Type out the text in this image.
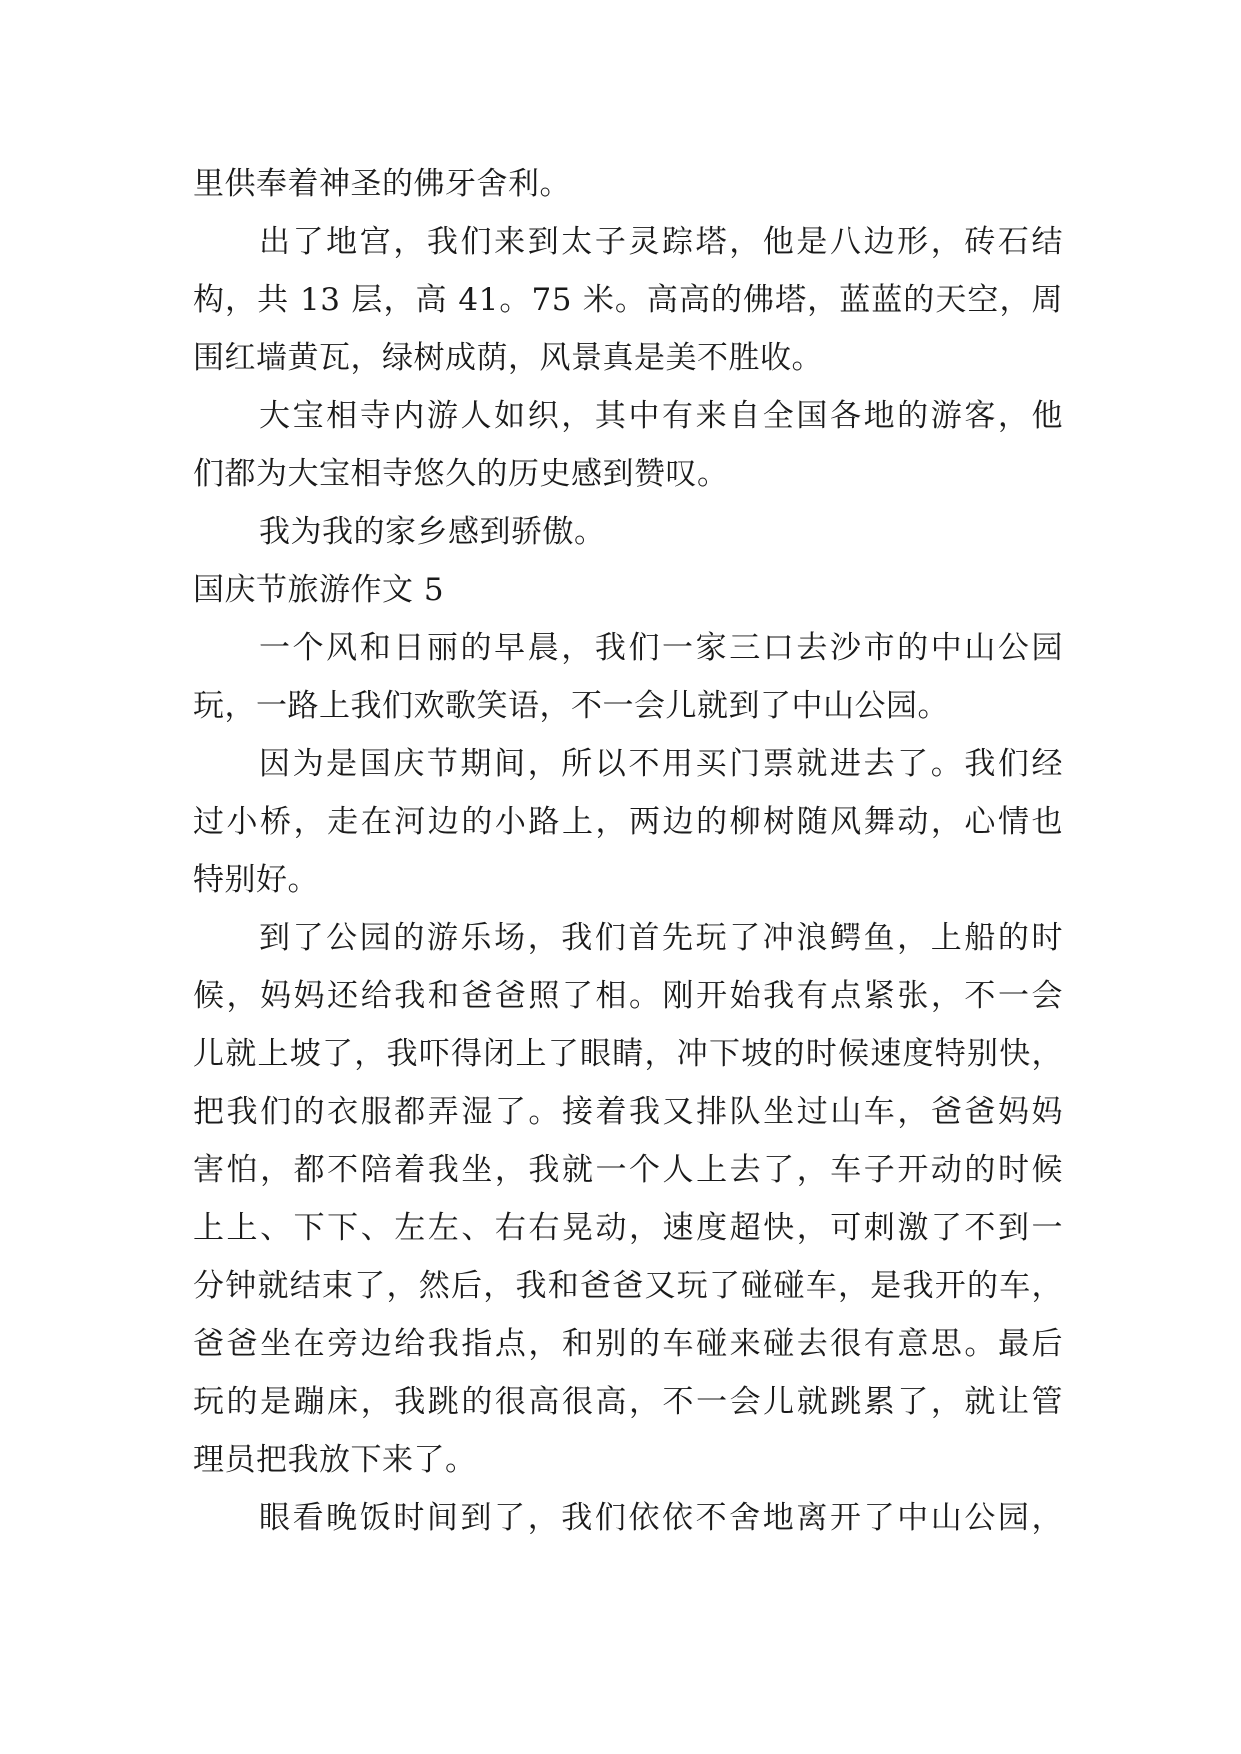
里供奉着神圣的佛牙舍利。
出了地宫，我们来到太子灵踪塔，他是八边形，砖石结
构，共 13 层，高 41。75 米。高高的佛塔，蓝蓝的天空，周
围红墙黄瓦，绿树成荫，风景真是美不胜收。
大宝相寺内游人如织，其中有来自全国各地的游客，他
们都为大宝相寺悠久的历史感到赞叹。
我为我的家乡感到骄傲。
国庆节旅游作文 5
一个风和日丽的早晨，我们一家三口去沙市的中山公园
玩，一路上我们欢歌笑语，不一会儿就到了中山公园。
因为是国庆节期间，所以不用买门票就进去了。我们经
过小桥，走在河边的小路上，两边的柳树随风舞动，心情也
特别好。
到了公园的游乐场，我们首先玩了冲浪鳄鱼，上船的时
候，妈妈还给我和爸爸照了相。刚开始我有点紧张，不一会
儿就上坡了，我吓得闭上了眼睛，冲下坡的时候速度特别快，
把我们的衣服都弄湿了。接着我又排队坐过山车，爸爸妈妈
害怕，都不陪着我坐，我就一个人上去了，车子开动的时候
上上、下下、左左、右右晃动，速度超快，可刺激了不到一
分钟就结束了，然后，我和爸爸又玩了碰碰车，是我开的车，
爸爸坐在旁边给我指点，和别的车碰来碰去很有意思。最后
玩的是蹦床，我跳的很高很高，不一会儿就跳累了，就让管
理员把我放下来了。
眼看晚饭时间到了，我们依依不舍地离开了中山公园，
